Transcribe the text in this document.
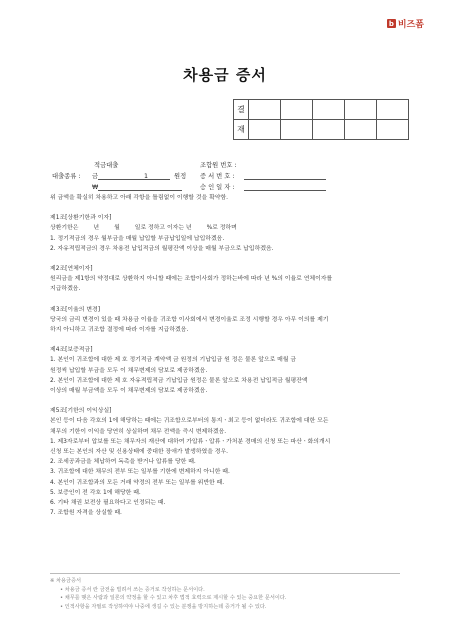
b 비즈폼
차용금 증서
결					
재					
적금대출	조합원 번호 :
대출종류 : 금	1	원정 증 서 번 호 :
₩	승 인 일 자 :

위 금액을 확실히 차용하고 아래 각항을 틀림없이 이행할 것을 확약함.

제1조[상환기한과 이자]

상환기한은        년        월        일로 정하고 이자는 년        %로 정하며

1. 정기적금의 경우 월부금을 매월 납입할 부금납입일에 납입하겠음.

2. 자유적립적금의 경우 차용전 납입적금의 월평잔액 이상을 매월 부금으로 납입하겠음.

제2조[연체이자]

원리금을 제1항의 약정대로 상환하지 아니할 때에는 조합이사회가 정하는바에 따라 년 %의 이율로 연체이자를

지급하겠음.

제3조[이율의 변경]

당국의 금리 변경이 있을 때 차용금 이율을 귀조합 이사회에서 변경이율로 조정 시행할 경우 아무 이의를 제기

하지 아니하고 귀조합 결정에 따라 이자를 지급하겠음.

제4조[보증적금]

1. 본인이 귀조합에 대한 제 호 정기적금 계약액 금 원정의 기납입금 원 정은 물론 앞으로 매월 금

원정씩 납입할 부금을 모두 이 채무변제의 담보로 제공하겠음.

2. 본인이 귀조합에 대한 제 호 자유적립적금 기납입금 원정은 물론 앞으로 차용전 납입적금 월평잔액

이상의 매월 부금액을 모두 이 채무변제의 담보로 제공하겠음.

제5조[기한의 이익상실]

본인 등이 다음 각호의 1에 해당하는 때에는 귀조합으로부터의 통지ㆍ최고 등이 없더라도 귀조합에 대한 모든

채무의 기한이 이익을 당연히 상실하며 채무 전액을 즉시 변제하겠음.

1. 제3자로부터 압보를 또는 채무자의 재산에 대하여 가압류ㆍ압류ㆍ가처분 경매의 신청 또는 파산ㆍ화의개시

신청 또는 본인의 자산 및 신용상태에 중대한 장애가 발생하였을 경우.

2. 조세공과금을 체납하여 독촉을 받거나 압류를 당한 때.

3. 귀조합에 대한 채무의 전부 또는 일부를 기한에 변제하지 아니한 때.

4. 본인이 귀조합과의 모든 거래 약정의 전부 또는 일부를 위반한 때.

5. 보증인이 전 각호 1에 해당한 때.

6. 기타 채권 보전상 필요하다고 인정되는 때.

7. 조합원 자격을 상실할 때.

※ 차용금증서

• 차용금 증서 란 금전을 빌려서 쓰는 증거로 작성하는 문서이다.

• 채무를 맺은 사람과 일론의 약정을 할 수 있고 차후 법적 효력으로 제시할 수 있는 중요한 문서이다.

• 인적사항을 자필로 작성하여야 나중에 생길 수 있는 분쟁을 방지하는데 증거가 될 수 있다.
